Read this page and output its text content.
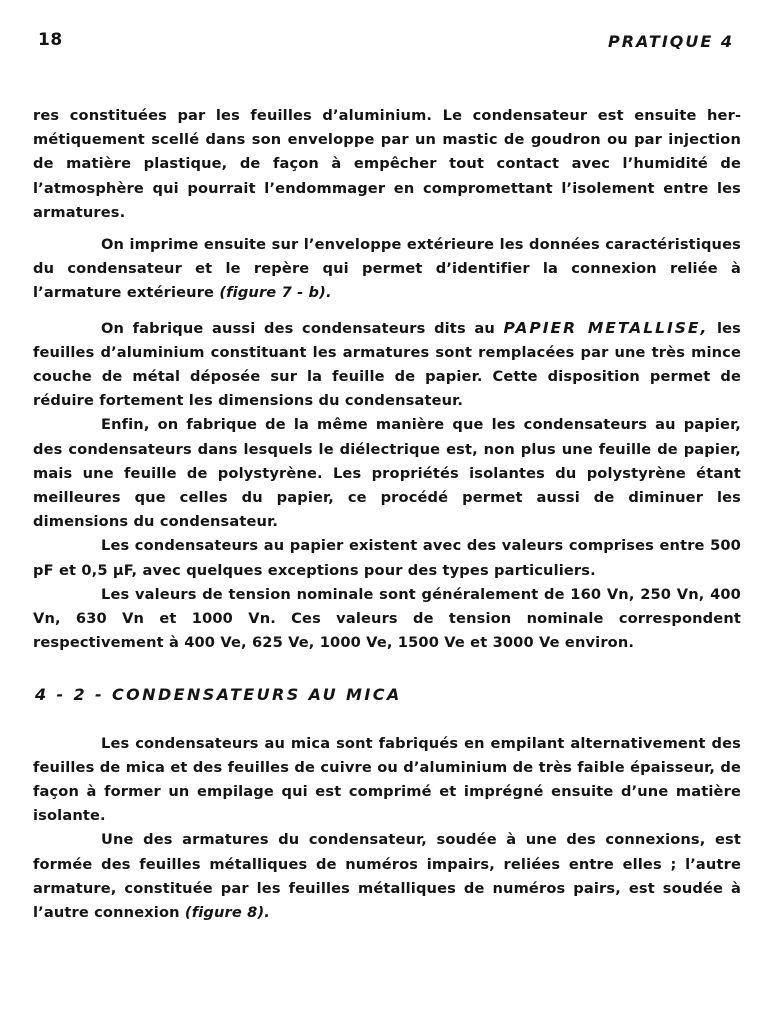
18	PRATIQUE 4

res constituées par les feuilles d’aluminium. Le condensateur est ensuite hermétiquement scellé dans son enveloppe par un mastic de goudron ou par injection de matière plastique, de façon à empêcher tout contact avec l’humidité de l’atmosphère qui pourrait l’endommager en compromettant l’isolement entre les armatures.

On imprime ensuite sur l’enveloppe extérieure les données caractéristiques du condensateur et le repère qui permet d’identifier la connexion reliée à l’armature extérieure (figure 7 - b).

On fabrique aussi des condensateurs dits au PAPIER METALLISE, les feuilles d’aluminium constituant les armatures sont remplacées par une très mince couche de métal déposée sur la feuille de papier. Cette disposition permet de réduire fortement les dimensions du condensateur.

Enfin, on fabrique de la même manière que les condensateurs au papier, des condensateurs dans lesquels le diélectrique est, non plus une feuille de papier, mais une feuille de polystyrène. Les propriétés isolantes du polystyrène étant meilleures que celles du papier, ce procédé permet aussi de diminuer les dimensions du condensateur.

Les condensateurs au papier existent avec des valeurs comprises entre 500 pF et 0,5 µF, avec quelques exceptions pour des types particuliers.

Les valeurs de tension nominale sont généralement de 160 Vn, 250 Vn, 400 Vn, 630 Vn et 1000 Vn. Ces valeurs de tension nominale correspondent respectivement à 400 Ve, 625 Ve, 1000 Ve, 1500 Ve et 3000 Ve environ.

4 - 2 - CONDENSATEURS AU MICA

Les condensateurs au mica sont fabriqués en empilant alternativement des feuilles de mica et des feuilles de cuivre ou d’aluminium de très faible épaisseur, de façon à former un empilage qui est comprimé et imprégné ensuite d’une matière isolante.

Une des armatures du condensateur, soudée à une des connexions, est formée des feuilles métalliques de numéros impairs, reliées entre elles ; l’autre armature, constituée par les feuilles métalliques de numéros pairs, est soudée à l’autre connexion (figure 8).
